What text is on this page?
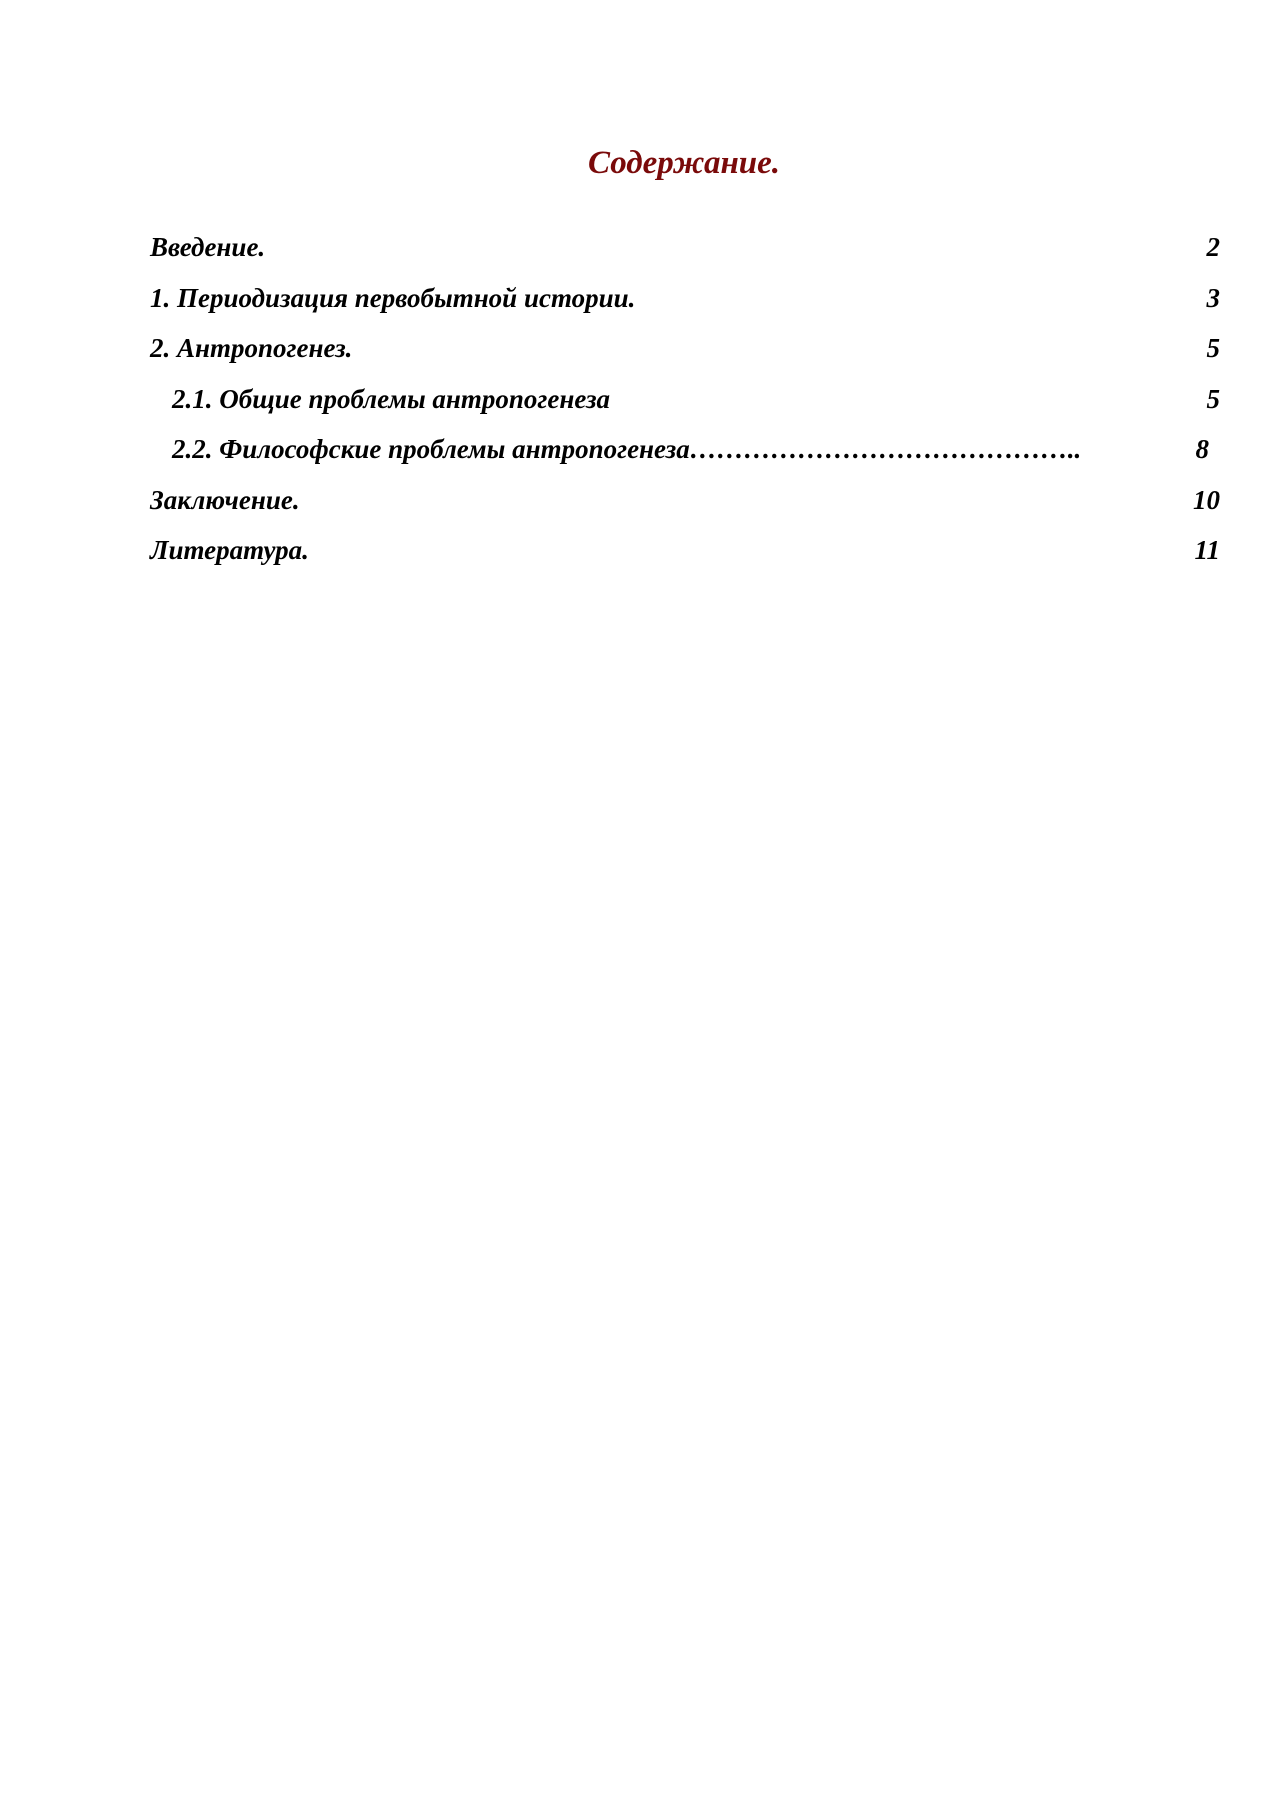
Содержание.
Введение.	2
1. Периодизация первобытной истории.	3
2. Антропогенез.	5
2.1. Общие проблемы антропогенеза	5
2.2. Философские проблемы антропогенеза……………………………………..	8
Заключение.	10
Литература.	11
